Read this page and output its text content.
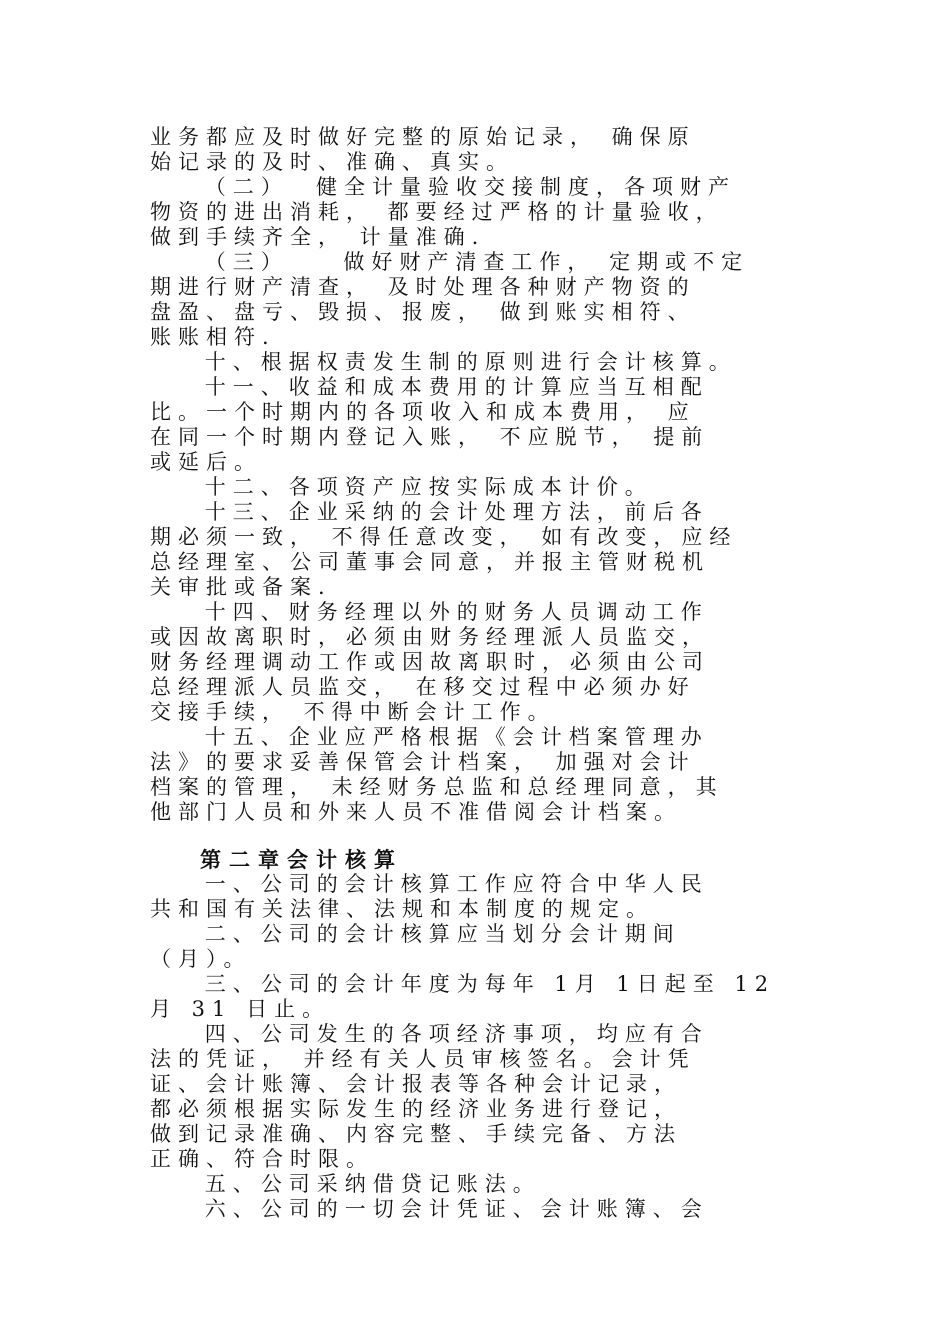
业务都应及时做好完整的原始记录， 确保原
始记录的及时、准确、真实。
（二）  健全计量验收交接制度，各项财产
物资的进出消耗， 都要经过严格的计量验收，
做到手续齐全， 计量准确.
（三）    做好财产清查工作， 定期或不定
期进行财产清查， 及时处理各种财产物资的
盘盈、盘亏、毁损、报废， 做到账实相符、
账账相符.
十、根据权责发生制的原则进行会计核算。
十一、收益和成本费用的计算应当互相配
比。一个时期内的各项收入和成本费用， 应
在同一个时期内登记入账， 不应脱节， 提前
或延后。
十二、各项资产应按实际成本计价。
十三、企业采纳的会计处理方法，前后各
期必须一致， 不得任意改变， 如有改变，应经
总经理室、公司董事会同意，并报主管财税机
关审批或备案.
十四、财务经理以外的财务人员调动工作
或因故离职时，必须由财务经理派人员监交，
财务经理调动工作或因故离职时，必须由公司
总经理派人员监交， 在移交过程中必须办好
交接手续， 不得中断会计工作。
十五、企业应严格根据《会计档案管理办
法》的要求妥善保管会计档案， 加强对会计
档案的管理， 未经财务总监和总经理同意，其
他部门人员和外来人员不准借阅会计档案。
第二章会计核算
一、公司的会计核算工作应符合中华人民
共和国有关法律、法规和本制度的规定。
二、公司的会计核算应当划分会计期间
（月）。
三、公司的会计年度为每年 1月 1日起至 12
月 31 日止。
四、公司发生的各项经济事项，均应有合
法的凭证， 并经有关人员审核签名。会计凭
证、会计账簿、会计报表等各种会计记录，
都必须根据实际发生的经济业务进行登记，
做到记录准确、内容完整、手续完备、方法
正确、符合时限。
五、公司采纳借贷记账法。
六、公司的一切会计凭证、会计账簿、会
